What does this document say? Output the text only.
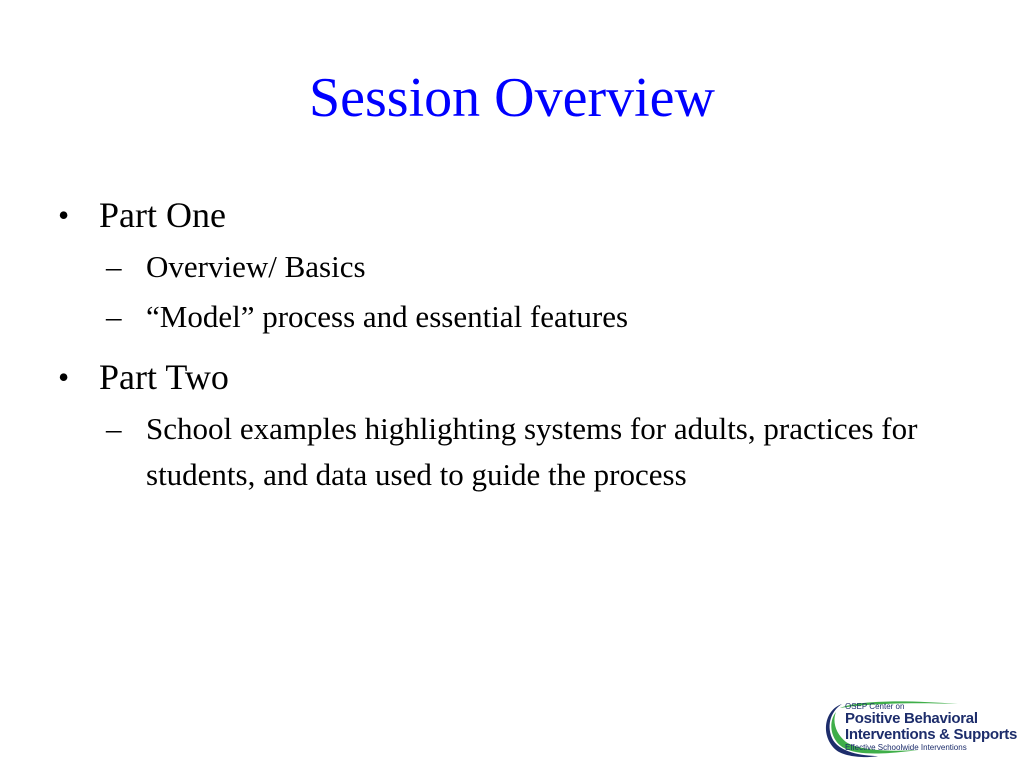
Session Overview
• Part One
– Overview/ Basics
– “Model” process and essential features
• Part Two
– School examples highlighting systems for adults, practices for students, and data used to guide the process
OSEP Center on
Positive Behavioral
Interventions & Supports
Effective Schoolwide Interventions
